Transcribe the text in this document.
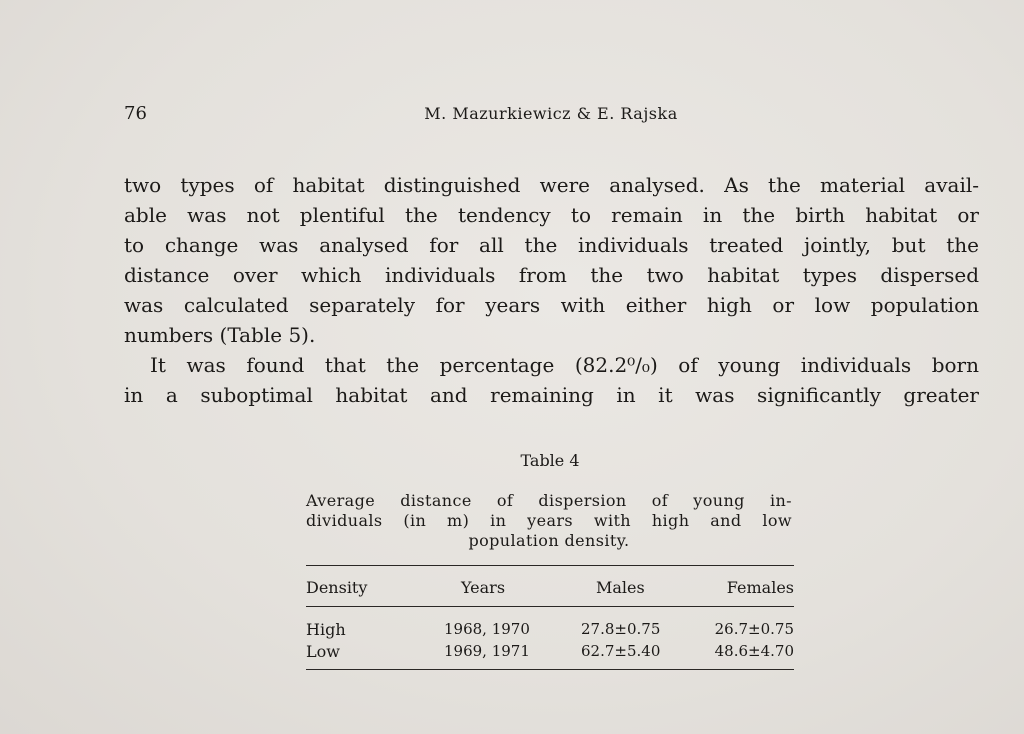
76	M. Mazurkiewicz & E. Rajska

two types of habitat distinguished were analysed. As the material avail-
able was not plentiful the tendency to remain in the birth habitat or
to change was analysed for all the individuals treated jointly, but the
distance over which individuals from the two habitat types dispersed
was calculated separately for years with either high or low population
numbers (Table 5).

It was found that the percentage (82.2⁰/₀) of young individuals born
in a suboptimal habitat and remaining in it was significantly greater

Table 4
Average distance of dispersion of young in-
dividuals (in m) in years with high and low
population density.
Density	Years	Males	Females
High	1968, 1970	27.8±0.75	26.7±0.75
Low	1969, 1971	62.7±5.40	48.6±4.70
